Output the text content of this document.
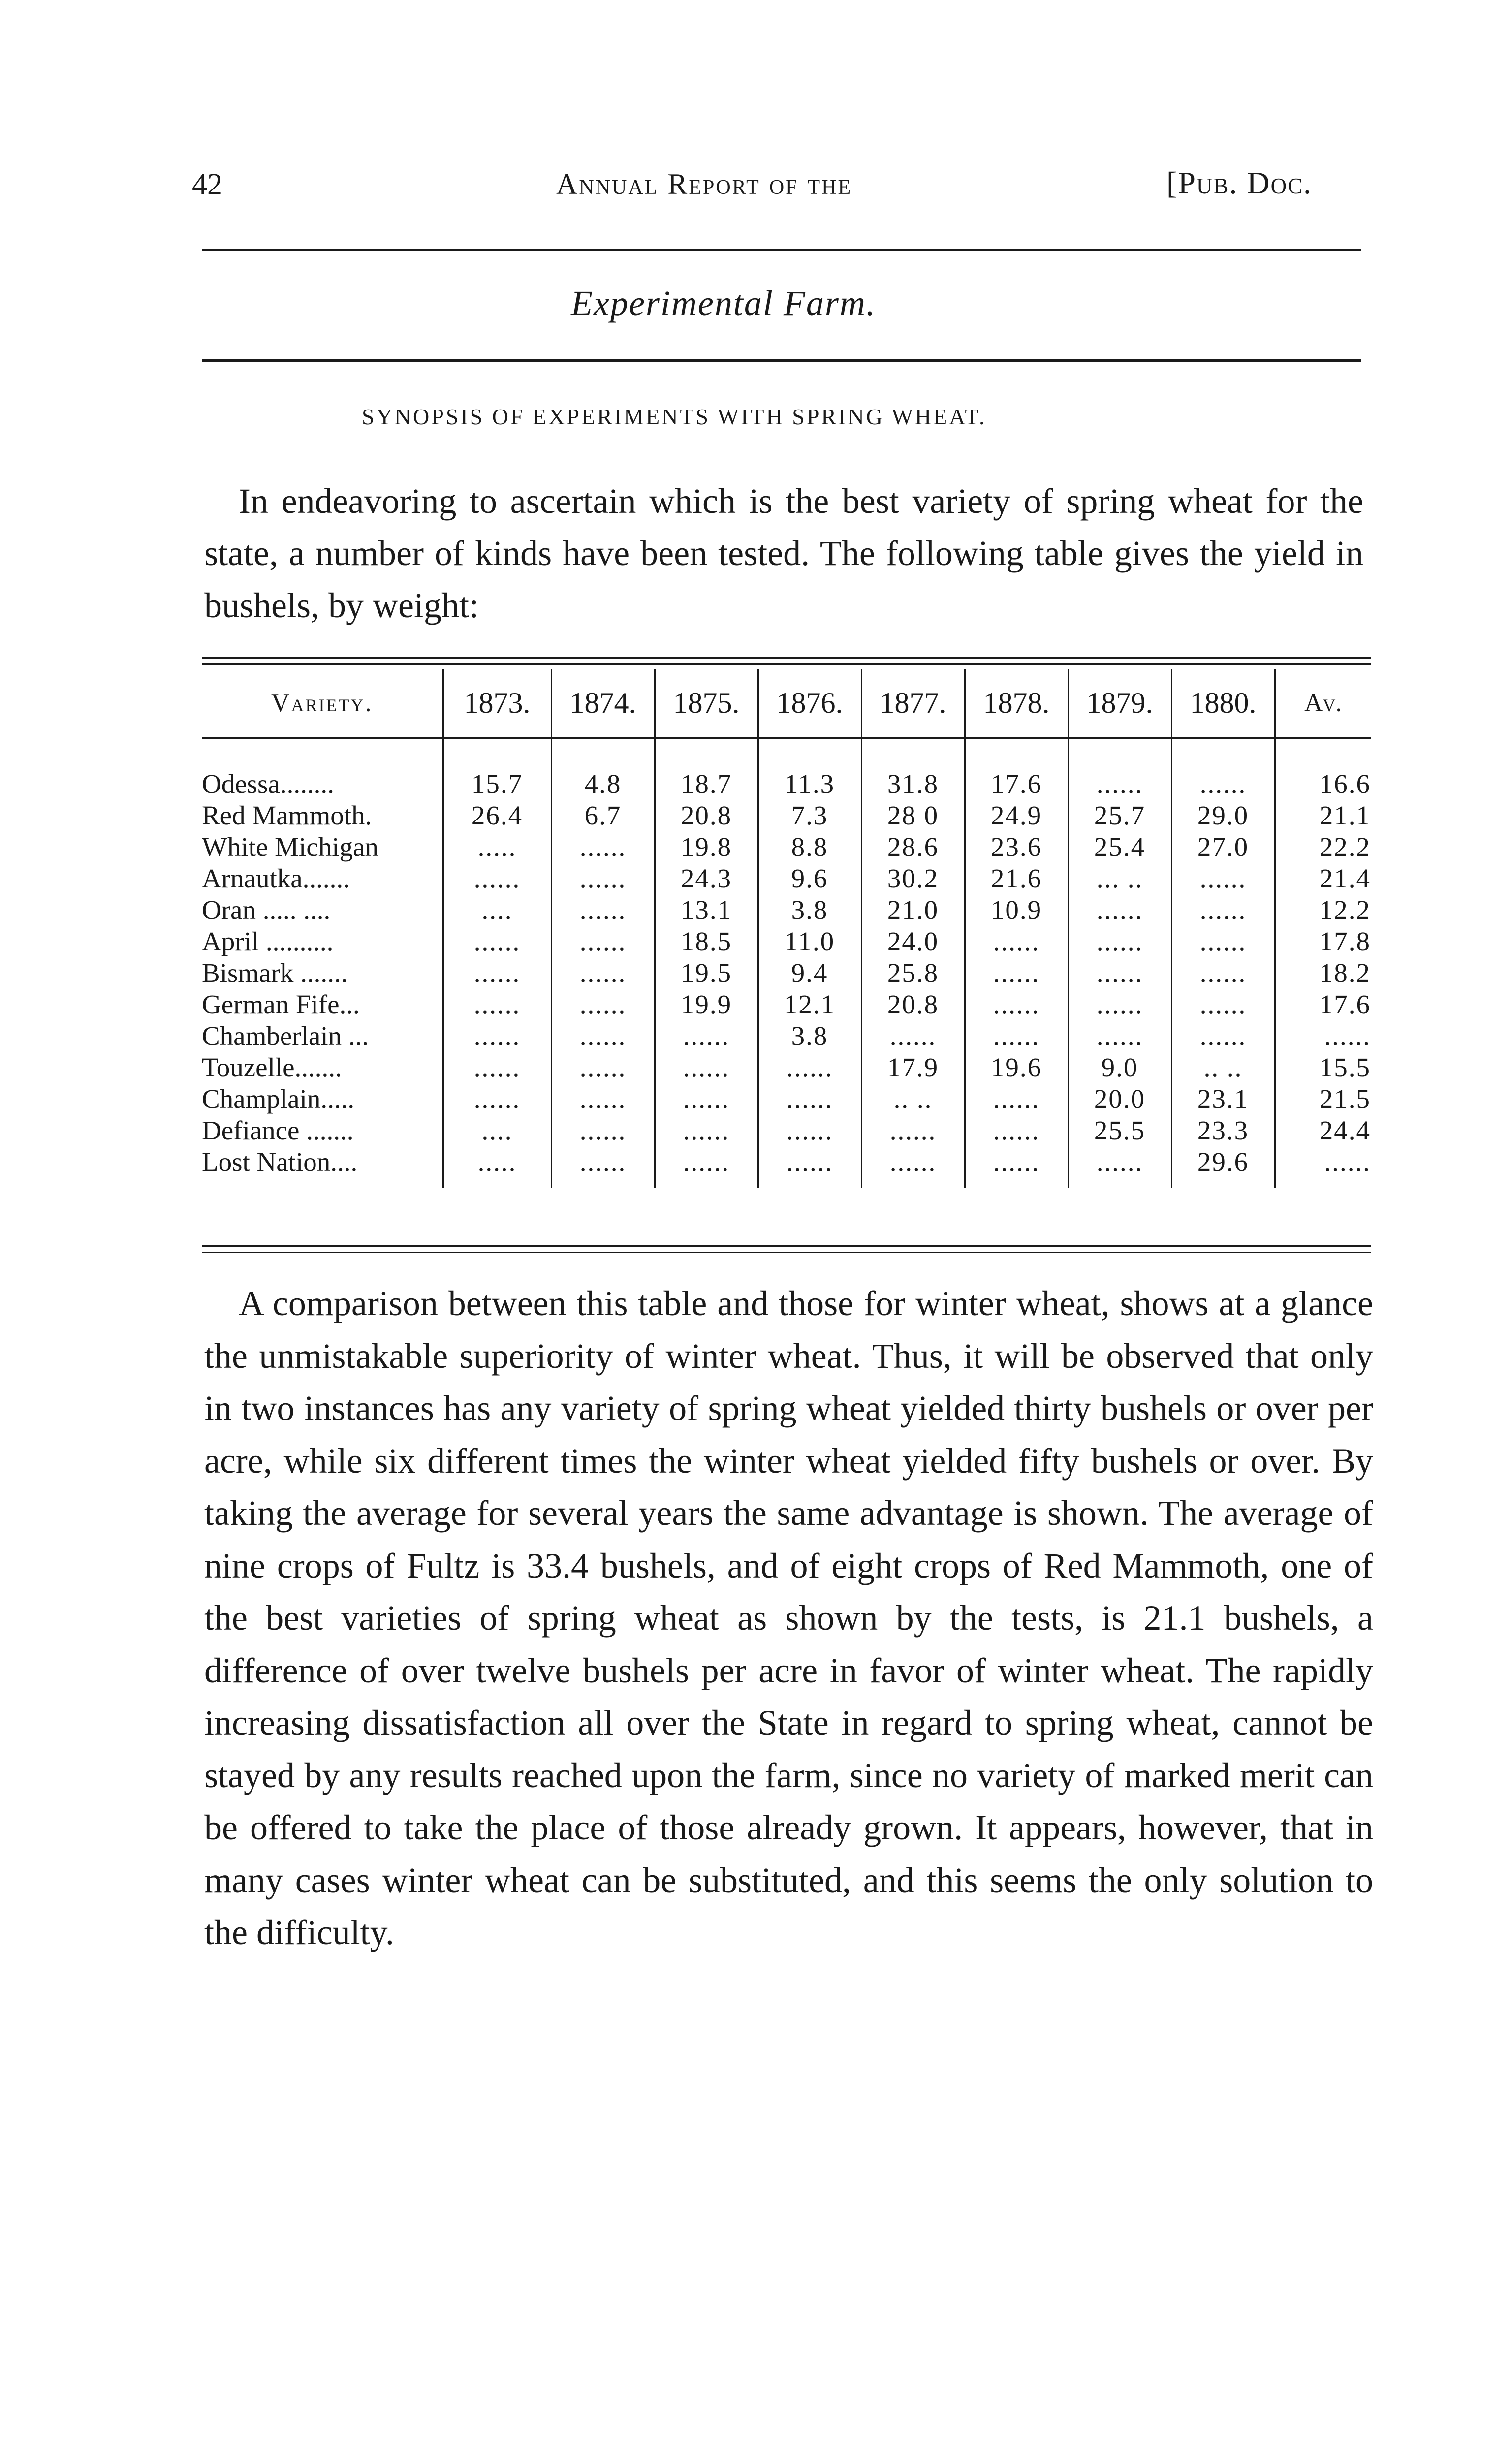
42	Annual Report of the	[Pub. Doc.
Experimental Farm.
SYNOPSIS OF EXPERIMENTS WITH SPRING WHEAT.

In endeavoring to ascertain which is the best variety of spring wheat for the state, a number of kinds have been tested. The following table gives the yield in bushels, by weight:

Variety.	1873.	1874.	1875.	1876.	1877.	1878.	1879.	1880.	Av.

Odessa........	15.7	4.8	18.7	11.3	31.8	17.6	......	......	16.6
Red Mammoth.	26.4	6.7	20.8	7.3	28 0	24.9	25.7	29.0	21.1
White Michigan	.....	......	19.8	8.8	28.6	23.6	25.4	27.0	22.2
Arnautka.......	......	......	24.3	9.6	30.2	21.6	... ..	......	21.4
Oran ..... ....	....	......	13.1	3.8	21.0	10.9	......	......	12.2
April ..........	......	......	18.5	11.0	24.0	......	......	......	17.8
Bismark .......	......	......	19.5	9.4	25.8	......	......	......	18.2
German Fife...	......	......	19.9	12.1	20.8	......	......	......	17.6
Chamberlain ...	......	......	......	3.8	......	......	......	......	......
Touzelle.......	......	......	......	......	17.9	19.6	9.0	.. ..	15.5
Champlain.....	......	......	......	......	.. ..	......	20.0	23.1	21.5
Defiance .......	....	......	......	......	......	......	25.5	23.3	24.4
Lost Nation....	.....	......	......	......	......	......	......	29.6	......

A comparison between this table and those for winter wheat, shows at a glance the unmistakable superiority of winter wheat. Thus, it will be observed that only in two instances has any variety of spring wheat yielded thirty bushels or over per acre, while six different times the winter wheat yielded fifty bushels or over. By taking the average for several years the same advantage is shown. The average of nine crops of Fultz is 33.4 bushels, and of eight crops of Red Mammoth, one of the best varieties of spring wheat as shown by the tests, is 21.1 bushels, a difference of over twelve bushels per acre in favor of winter wheat. The rapidly increasing dissatisfaction all over the State in regard to spring wheat, cannot be stayed by any results reached upon the farm, since no variety of marked merit can be offered to take the place of those already grown. It appears, however, that in many cases winter wheat can be substituted, and this seems the only solution to the difficulty.
